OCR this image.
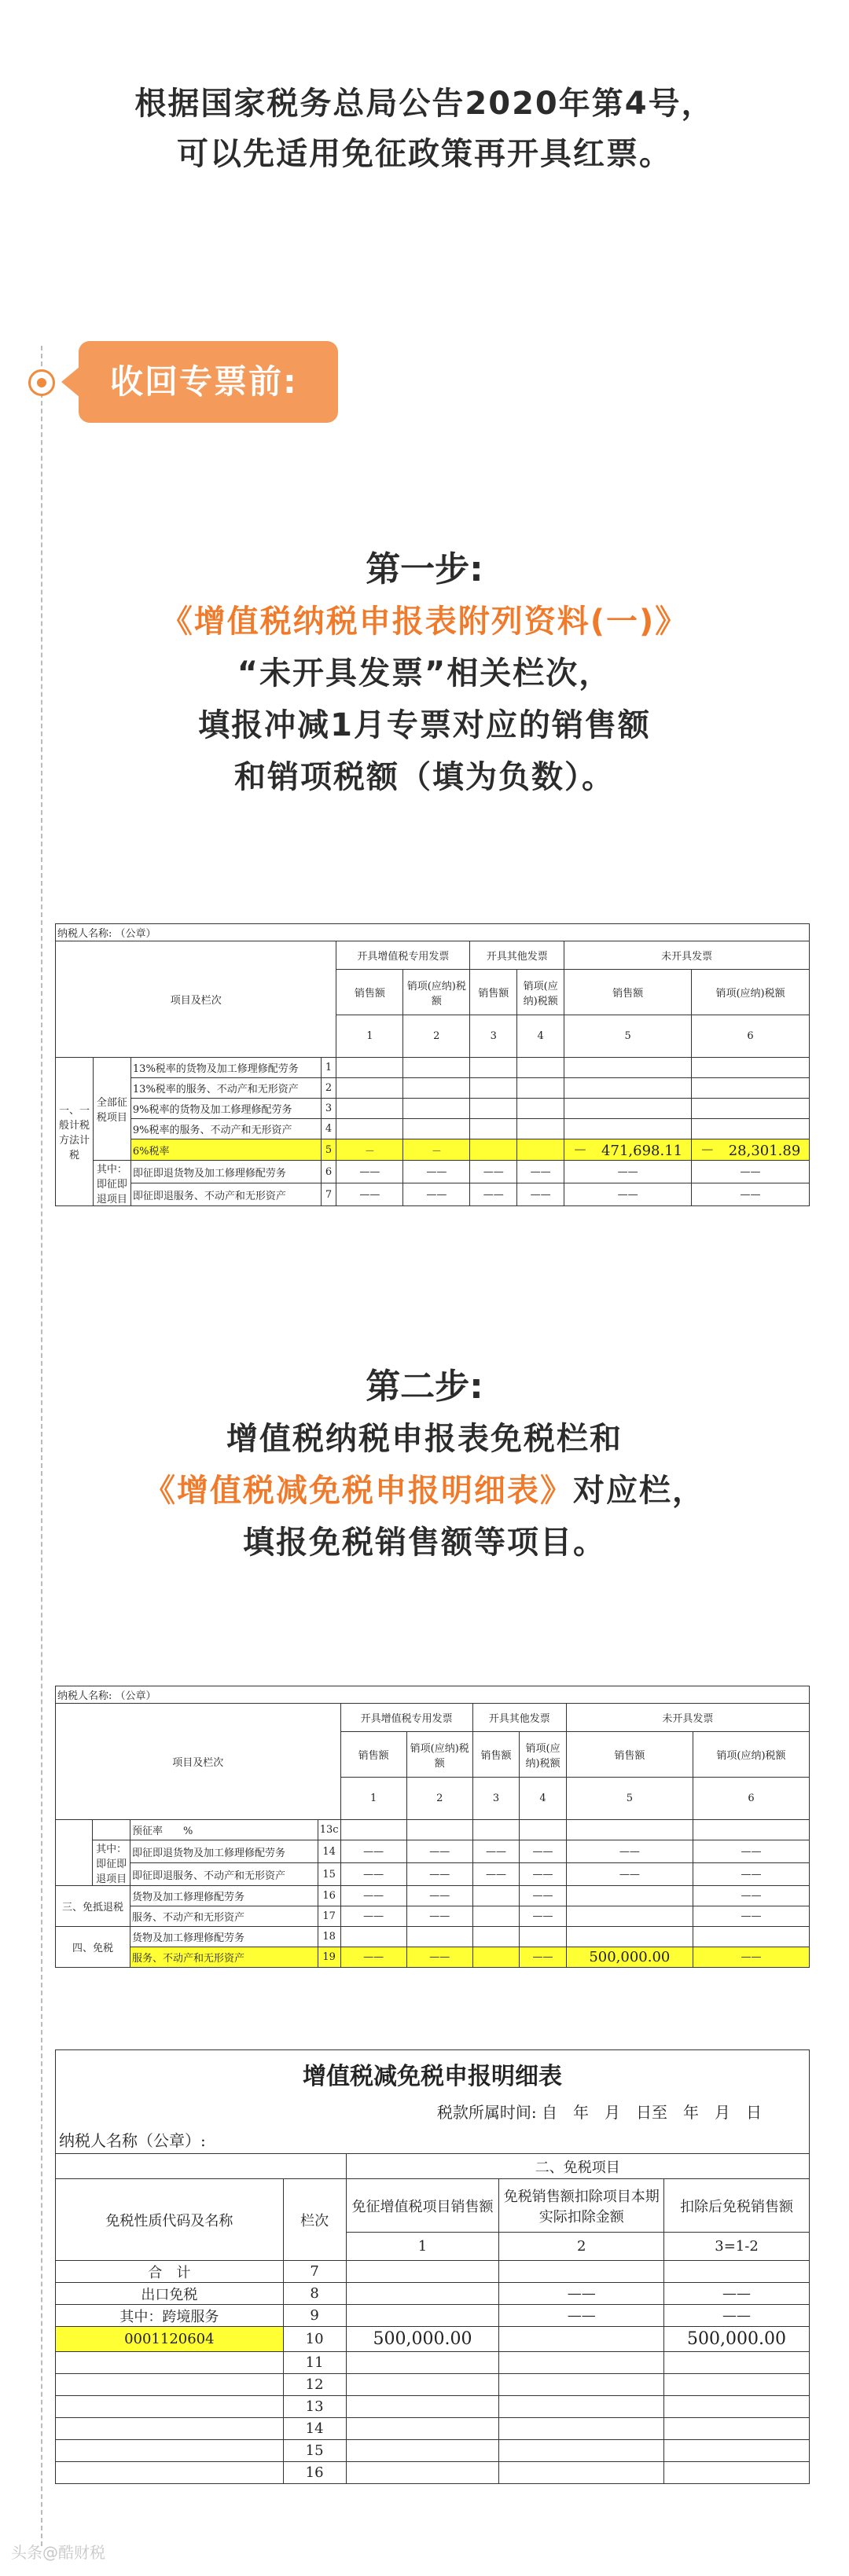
根据国家税务总局公告2020年第4号，
可以先适用免征政策再开具红票。
收回专票前:
第一步:
《增值税纳税申报表附列资料(一)》
“未开具发票”相关栏次，
填报冲减1月专票对应的销售额
和销项税额（填为负数）。
纳税人名称: （公章）									
项目及栏次				开具增值税专用发票		开具其他发票		未开具发票	
				销售额	销项(应纳)税额	销售额	销项(应纳)税额	销售额	销项(应纳)税额
				1	2	3	4	5	6
一、一般计税方法计税	全部征税项目	13%税率的货物及加工修理修配劳务	1						
		13%税率的服务、不动产和无形资产	2						
		9%税率的货物及加工修理修配劳务	3						
		9%税率的服务、不动产和无形资产	4						
		6%税率	5	－	－			－　471,698.11	－　28,301.89
	其中：即征即退项目	即征即退货物及加工修理修配劳务	6	——	——	——	——	——	——
		即征即退服务、不动产和无形资产	7	——	——	——	——	——	——
第二步:
增值税纳税申报表免税栏和
《增值税减免税申报明细表》对应栏，
填报免税销售额等项目。
纳税人名称: （公章）									
项目及栏次				开具增值税专用发票		开具其他发票		未开具发票	
				销售额	销项(应纳)税额	销售额	销项(应纳)税额	销售额	销项(应纳)税额
				1	2	3	4	5	6
		预征率　　%	13c						
	其中：即征即退项目	即征即退货物及加工修理修配劳务	14	——	——	——	——	——	——
		即征即退服务、不动产和无形资产	15	——	——	——	——	——	——
三、免抵退税		货物及加工修理修配劳务	16	——	——		——		——
		服务、不动产和无形资产	17	——	——		——		——
四、免税		货物及加工修理修配劳务	18						
		服务、不动产和无形资产	19	——	——		——	500,000.00	——
增值税减免税申报明细表				
税款所属时间: 自　年　月　日至　年　月　日				
纳税人名称（公章）:				
		二、免税项目		
免税性质代码及名称	栏次	免征增值税项目销售额	免税销售额扣除项目本期实际扣除金额	扣除后免税销售额
		1	2	3=1-2
合　计	7			
出口免税	8		——	——
其中：跨境服务	9		——	——
0001120604	10	500,000.00		500,000.00
	11			
	12			
	13			
	14			
	15			
	16			
头条@酷财税
